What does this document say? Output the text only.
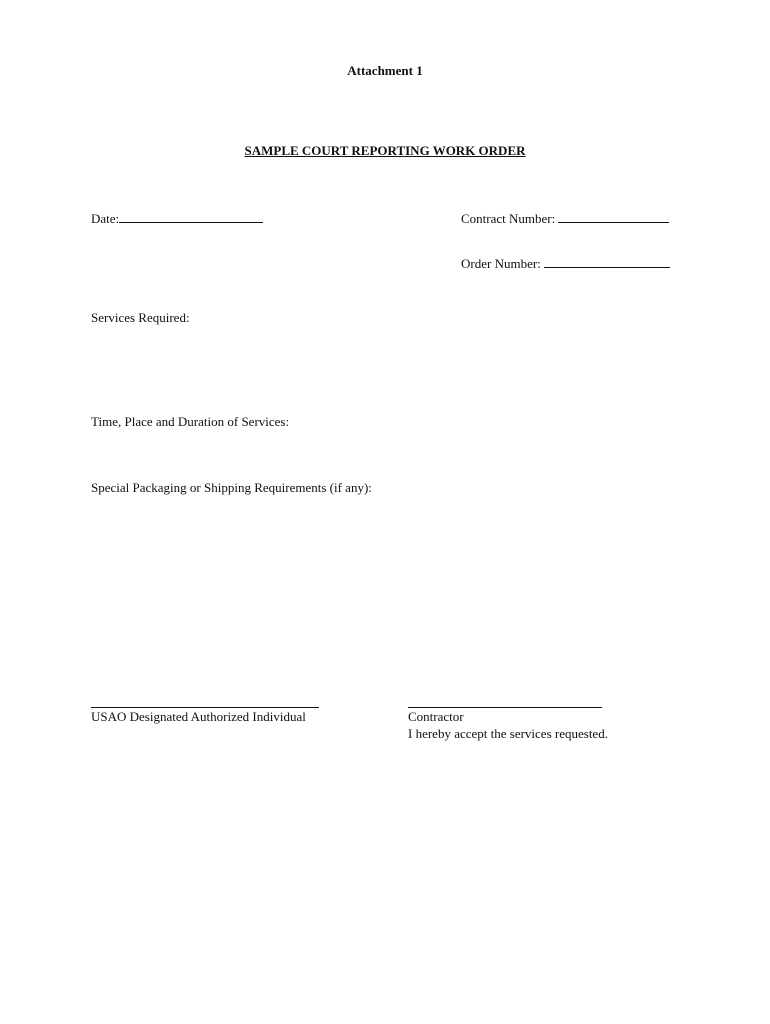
Attachment 1
SAMPLE COURT REPORTING WORK ORDER
Date:	Contract Number:
Order Number:
Services Required:
Time, Place and Duration of Services:
Special Packaging or Shipping Requirements (if any):
USAO Designated Authorized Individual	Contractor
I hereby accept the services requested.
